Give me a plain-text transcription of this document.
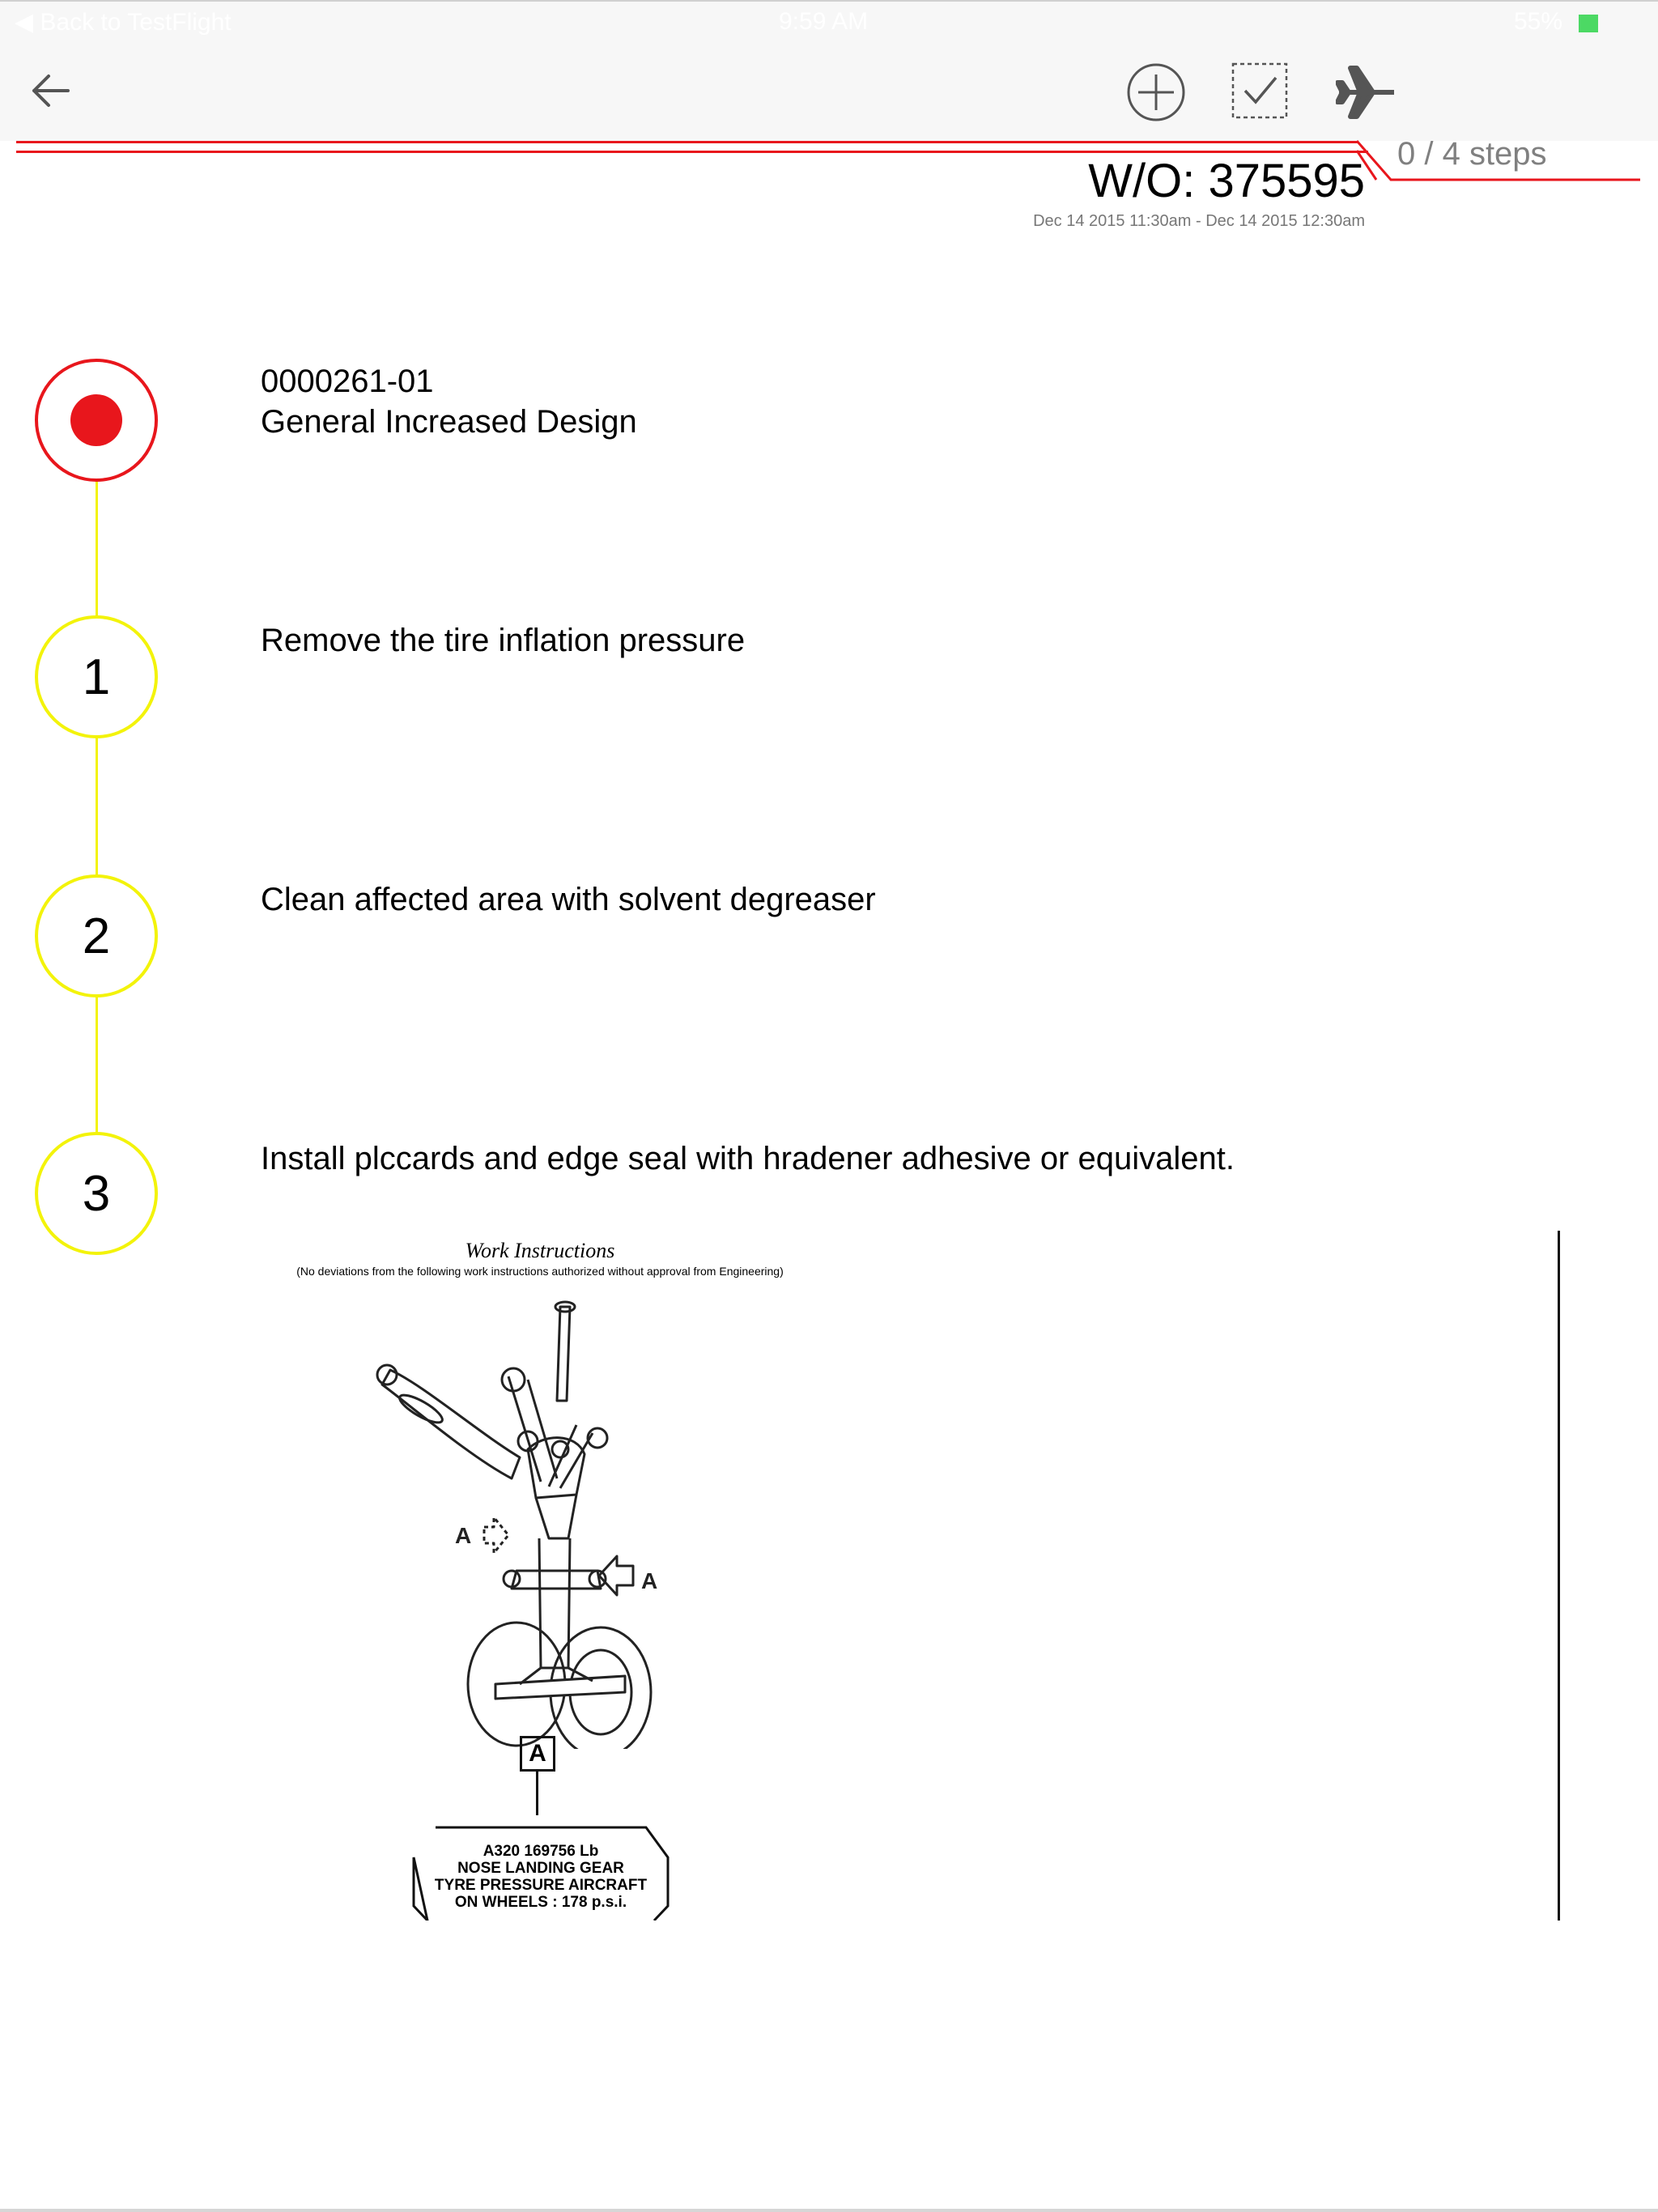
◀ Back to TestFlight	9:59 AM	55%
0 / 4 steps
W/O: 375595
Dec 14 2015 11:30am - Dec 14 2015 12:30am
0000261-01
General Increased Design
1
Remove the tire inflation pressure
2
Clean affected area with solvent degreaser
3
Install plccards and edge seal with hradener adhesive or equivalent.
Work Instructions
(No deviations from the following work instructions authorized without approval from Engineering)
A
A
A
A320 169756 Lb
NOSE LANDING GEAR
TYRE PRESSURE AIRCRAFT
ON WHEELS : 178 p.s.i.
